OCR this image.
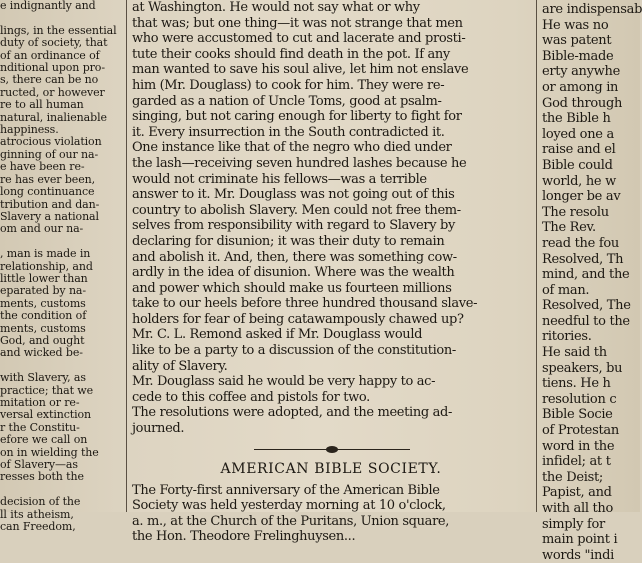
e indignantly and

lings, in the essential
duty of society, that
of an ordinance of
nditional upon pro-
s, there can be no
ructed, or however
re to all human
natural, inalienable
happiness.
atrocious violation
ginning of our na-
e have been re-
re has ever been,
long continuance
tribution and dan-
Slavery a national
om and our na-

, man is made in
relationship, and
little lower than
eparated by na-
ments, customs
the condition of
ments, customs
God, and ought
and wicked be-

with Slavery, as
practice; that we
mitation or re-
versal extinction
r the Constitu-
efore we call on
on in wielding the
of Slavery—as
resses both the

decision of the
ll its atheism,
can Freedom,
at Washington. He would not say what or why
that was; but one thing—it was not strange that men
who were accustomed to cut and lacerate and prosti-
tute their cooks should find death in the pot. If any
man wanted to save his soul alive, let him not enslave
him (Mr. Douglass) to cook for him. They were re-
garded as a nation of Uncle Toms, good at psalm-
singing, but not caring enough for liberty to fight for
it. Every insurrection in the South contradicted it.
One instance like that of the negro who died under
the lash—receiving seven hundred lashes because he
would not criminate his fellows—was a terrible
answer to it. Mr. Douglass was not going out of this
country to abolish Slavery. Men could not free them-
selves from responsibility with regard to Slavery by
declaring for disunion; it was their duty to remain
and abolish it. And, then, there was something cow-
ardly in the idea of disunion. Where was the wealth
and power which should make us fourteen millions
take to our heels before three hundred thousand slave-
holders for fear of being catawampously chawed up?
Mr. C. L. Remond asked if Mr. Douglass would
like to be a party to a discussion of the constitution-
ality of Slavery.
Mr. Douglass said he would be very happy to ac-
cede to this coffee and pistols for two.
The resolutions were adopted, and the meeting ad-
journed.
AMERICAN BIBLE SOCIETY.
The Forty-first anniversary of the American Bible
Society was held yesterday morning at 10 o'clock,
a. m., at the Church of the Puritans, Union square,
the Hon. Theodore Frelinghuysen...
are indispensab
He was no
was patent
Bible-made
erty anywhe
or among in
God through
the Bible h
loyed one a
raise and el
Bible could
world, he w
longer be av
The resolu
The Rev.
read the fou
Resolved, Th
mind, and the
of man.
Resolved, The
needful to the
ritories.
He said th
speakers, bu
tiens. He h
resolution c
Bible Socie
of Protestan
word in the
infidel; at t
the Deist;
Papist, and
with all tho
simply for
main point i
words "indi
